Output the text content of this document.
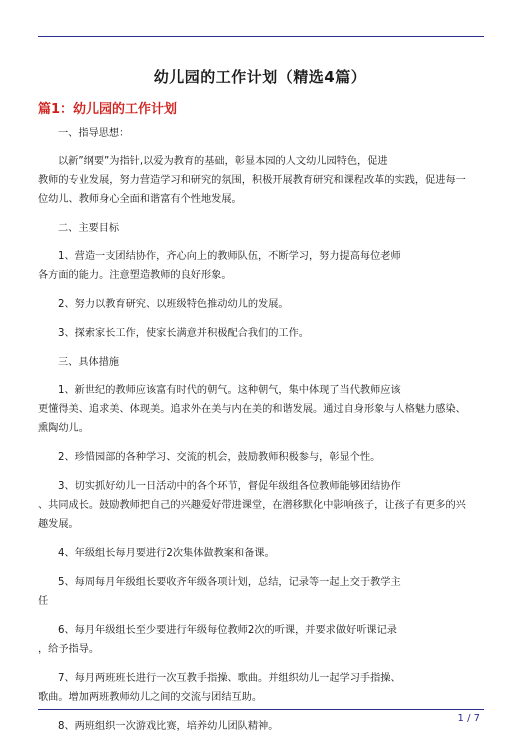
幼儿园的工作计划（精选4篇）
篇1：幼儿园的工作计划

一、指导思想：

以新”纲要”为指针,以爱为教育的基础，彰显本园的人文幼儿园特色，促进
教师的专业发展，努力营造学习和研究的氛围，积极开展教育研究和课程改革的实践，促进每一
位幼儿、教师身心全面和谐富有个性地发展。

二、主要目标

1、营造一支团结协作，齐心向上的教师队伍，不断学习，努力提高每位老师
各方面的能力。注意塑造教师的良好形象。

2、努力以教育研究、以班级特色推动幼儿的发展。

3、探索家长工作，使家长满意并积极配合我们的工作。

三、具体措施

1、新世纪的教师应该富有时代的朝气。这种朝气，集中体现了当代教师应该
更懂得美、追求美、体现美。追求外在美与内在美的和谐发展。通过自身形象与人格魅力感染、
熏陶幼儿。

2、珍惜园部的各种学习、交流的机会，鼓励教师积极参与，彰显个性。

3、切实抓好幼儿一日活动中的各个环节，督促年级组各位教师能够团结协作
、共同成长。鼓励教师把自己的兴趣爱好带进课堂，在潜移默化中影响孩子，让孩子有更多的兴
趣发展。

4、年级组长每月要进行2次集体做教案和备课。

5、每周每月年级组长要收齐年级各项计划，总结，记录等一起上交于教学主
任

6、每月年级组长至少要进行年级每位教师2次的听课，并要求做好听课记录
，给予指导。

7、每月两班班长进行一次互教手指操、歌曲。并组织幼儿一起学习手指操、
歌曲。增加两班教师幼儿之间的交流与团结互助。

8、两班组织一次游戏比赛，培养幼儿团队精神。

1 / 7
